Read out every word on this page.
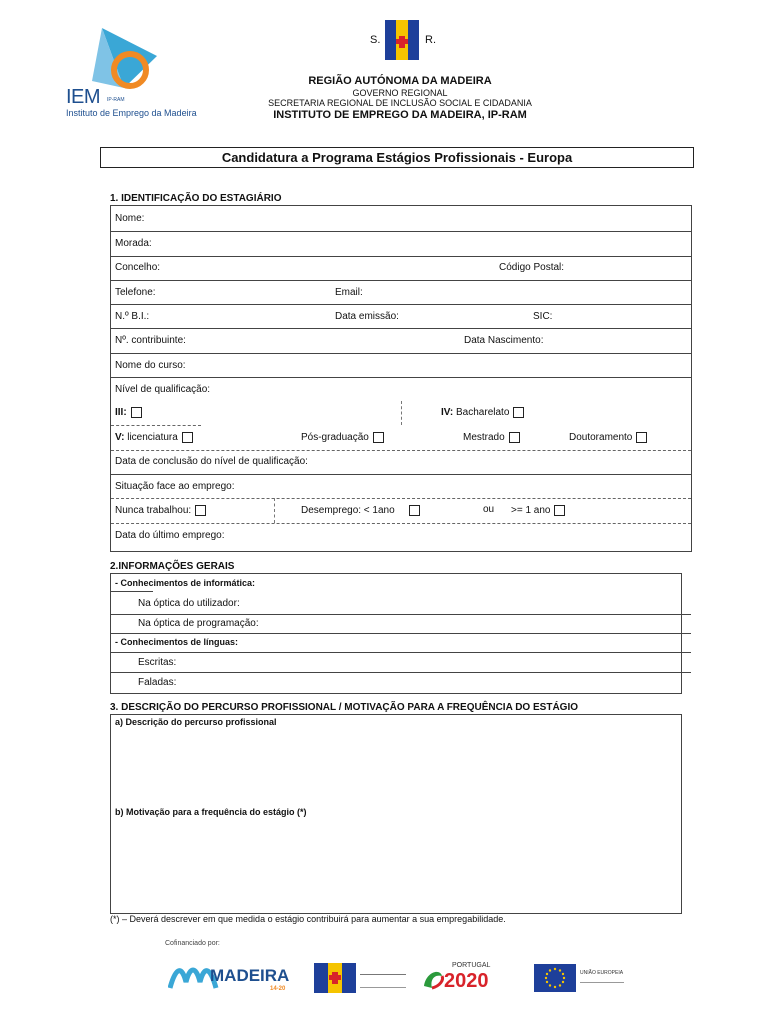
IEM IP-RAM
Instituto de Emprego da Madeira
S.	R.
REGIÃO AUTÓNOMA DA MADEIRA
GOVERNO REGIONAL
SECRETARIA REGIONAL DE INCLUSÃO SOCIAL E CIDADANIA
INSTITUTO DE EMPREGO DA MADEIRA, IP-RAM
Candidatura a Programa Estágios Profissionais - Europa
1. IDENTIFICAÇÃO DO ESTAGIÁRIO
Nome:
Morada:
Concelho:	Código Postal:
Telefone:	Email:
N.º B.I.:	Data emissão:	SIC:
Nº. contribuinte:	Data Nascimento:
Nome do curso:
Nível de qualificação:
III:	IV: Bacharelato
V: licenciatura	Pós-graduação	Mestrado	Doutoramento
Data de conclusão do nível de qualificação:
Situação face ao emprego:
Nunca trabalhou:	Desemprego: < 1ano	ou >= 1 ano
Data do último emprego:
2.INFORMAÇÕES GERAIS
- Conhecimentos de informática:
Na óptica do utilizador:
Na óptica de programação:
- Conhecimentos de línguas:
Escritas:
Faladas:
3. DESCRIÇÃO DO PERCURSO PROFISSIONAL / MOTIVAÇÃO PARA A FREQUÊNCIA DO ESTÁGIO
a) Descrição do percurso profissional
b) Motivação para a frequência do estágio (*)
(*) – Deverá descrever em que medida o estágio contribuirá para aumentar a sua empregabilidade.
Cofinanciado por:
MADEIRA
14-20
PORTUGAL
2020	UNIÃO EUROPEIA
